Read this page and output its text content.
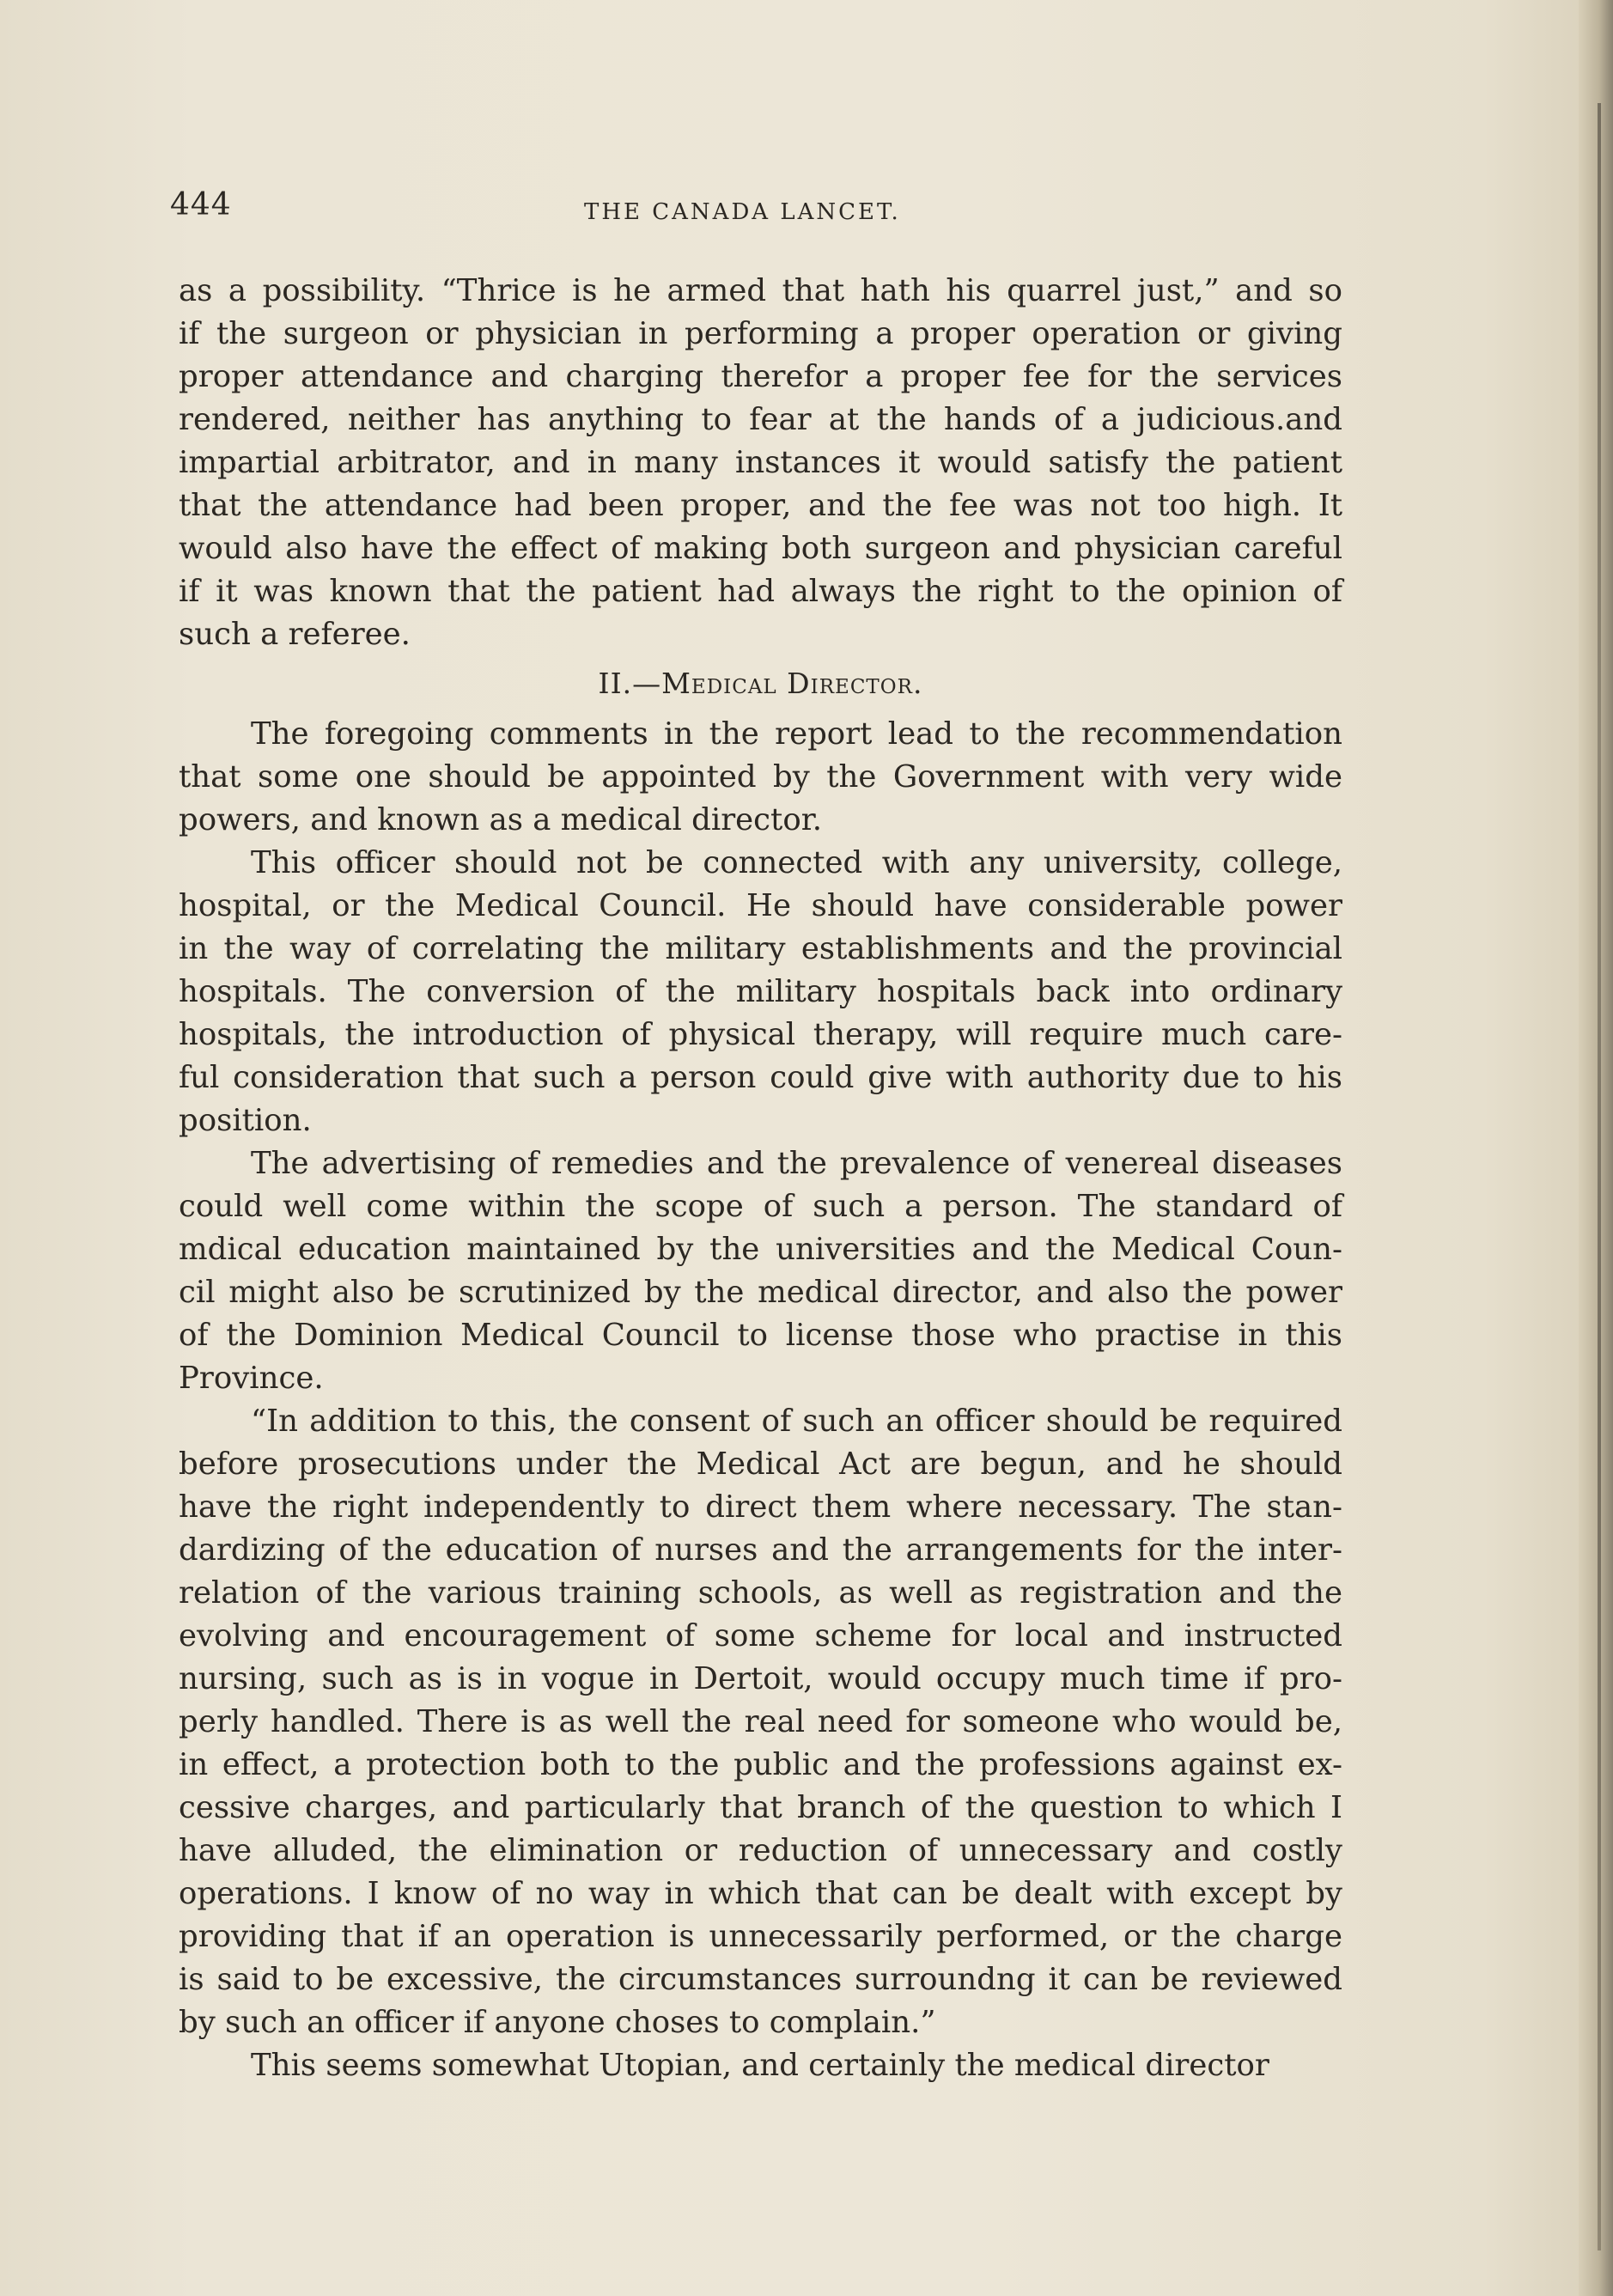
444	THE CANADA LANCET.
as a possibility. “Thrice is he armed that hath his quarrel just,” and so
if the surgeon or physician in performing a proper operation or giving
proper attendance and charging therefor a proper fee for the services
rendered, neither has anything to fear at the hands of a judicious.and
impartial arbitrator, and in many instances it would satisfy the patient
that the attendance had been proper, and the fee was not too high. It
would also have the effect of making both surgeon and physician careful
if it was known that the patient had always the right to the opinion of
such a referee.
II.—Medical Director.
The foregoing comments in the report lead to the recommendation
that some one should be appointed by the Government with very wide
powers, and known as a medical director.
This officer should not be connected with any university, college,
hospital, or the Medical Council. He should have considerable power
in the way of correlating the military establishments and the provincial
hospitals. The conversion of the military hospitals back into ordinary
hospitals, the introduction of physical therapy, will require much care-
ful consideration that such a person could give with authority due to his
position.
The advertising of remedies and the prevalence of venereal diseases
could well come within the scope of such a person. The standard of
mdical education maintained by the universities and the Medical Coun-
cil might also be scrutinized by the medical director, and also the power
of the Dominion Medical Council to license those who practise in this
Province.
“In addition to this, the consent of such an officer should be required
before prosecutions under the Medical Act are begun, and he should
have the right independently to direct them where necessary. The stan-
dardizing of the education of nurses and the arrangements for the inter-
relation of the various training schools, as well as registration and the
evolving and encouragement of some scheme for local and instructed
nursing, such as is in vogue in Dertoit, would occupy much time if pro-
perly handled. There is as well the real need for someone who would be,
in effect, a protection both to the public and the professions against ex-
cessive charges, and particularly that branch of the question to which I
have alluded, the elimination or reduction of unnecessary and costly
operations. I know of no way in which that can be dealt with except by
providing that if an operation is unnecessarily performed, or the charge
is said to be excessive, the circumstances surroundng it can be reviewed
by such an officer if anyone choses to complain.”
This seems somewhat Utopian, and certainly the medical director
